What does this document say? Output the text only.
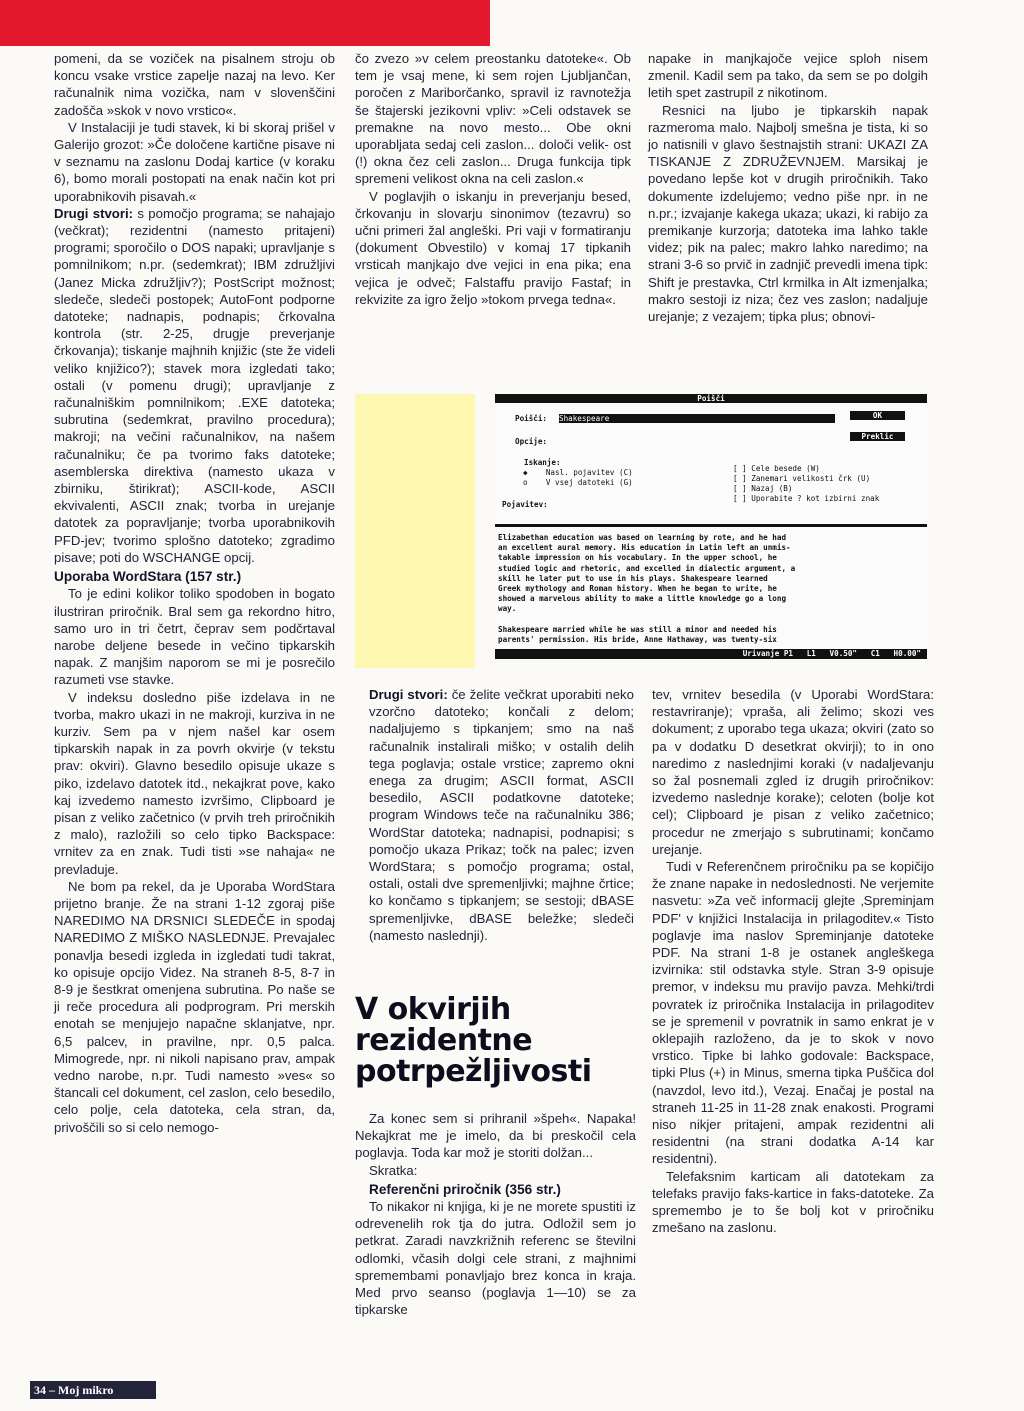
pomeni, da se voziček na pisalnem stroju ob koncu vsake vrstice zapelje nazaj na levo. Ker računalnik nima vozička, nam v slovenščini zadošča »skok v novo vrstico«.

V Instalaciji je tudi stavek, ki bi skoraj prišel v Galerijo grozot: »Če določene kartične pisave ni v seznamu na zaslonu Dodaj kartice (v koraku 6), bomo morali postopati na enak način kot pri uporabnikovih pisavah.«

Drugi stvori: s pomočjo programa; se nahajajo (večkrat); rezidentni (namesto pritajeni) programi; sporočilo o DOS napaki; upravljanje s pomnilnikom; n.pr. (sedemkrat); IBM združljivi (Janez Micka združljiv?); PostScript možnost; sledeče, sledeči postopek; AutoFont podpornе datoteke; nadnapis, podnapis; črkovalna kontrola (str. 2-25, drugje preverjanje črkovanja); tiskanje majhnih knjižic (ste že videli veliko knjižico?); stavek mora izgledati tako; ostali (v pomenu drugi); upravljanje z računalniškim pomnilnikom; .EXE datoteka; subrutina (sedemkrat, pravilno procedura); makroji; na večini računalnikov, na našem računalniku; če pa tvorimo faks datoteke; asemblerska direktiva (namesto ukaza v zbirniku, štirikrat); ASCII-kode, ASCII ekvivalenti, ASCII znak; tvorba in urejanje datotek za popravljanje; tvorba uporabnikovih PFD-jev; tvorimo splošno datoteko; zgradimo pisave; poti do WSCHANGE opcij.

Uporaba WordStara (157 str.)

To je edini kolikor toliko spodoben in bogato ilustriran priročnik. Bral sem ga rekordno hitro, samo uro in tri četrt, čeprav sem podčrtaval narobe deljene besede in večino tipkarskih napak. Z manjšim naporom se mi je posrečilo razumeti vse stavke.

V indeksu dosledno piše izdelava in ne tvorba, makro ukazi in ne makroji, kurziva in ne kurziv. Sem pa v njem našel kar osem tipkarskih napak in za povrh okvirje (v tekstu prav: okviri). Glavno besedilo opisuje ukaze s piko, izdelavo datotek itd., nekajkrat pove, kako kaj izvedemo namesto izvršimo, Clipboard je pisan z veliko začetnico (v prvih treh priročnikih z malo), razložili so celo tipko Backspace: vrnitev za en znak. Tudi tisti »se nahaja« ne prevladuje.

Ne bom pa rekel, da je Uporaba WordStara prijetno branje. Že na strani 1-12 zgoraj piše NAREDIMO NA DRSNICI SLEDEČE in spodaj NAREDIMO Z MIŠKO NASLEDNJE. Prevajalec ponavlja besedi izgleda in izgledati tudi takrat, ko opisuje opcijo Videz. Na straneh 8-5, 8-7 in 8-9 je šestkrat omenjena subrutina. Po naše se ji reče procedura ali podprogram. Pri merskih enotah se menjujejo napačne sklanjatve, npr. 6,5 palcev, in pravilne, npr. 0,5 palca. Mimogrede, npr. ni nikoli napisano prav, ampak vedno narobe, n.pr. Tudi namesto »ves« so štancali cel dokument, cel zaslon, celo besedilo, celo polje, cela datoteka, cela stran, da, privoščili so si celo nemogo-

čo zvezo »v celem preostanku datoteke«. Ob tem je vsaj mene, ki sem rojen Ljubljančan, poročen z Mariborčanko, spravil iz ravnotežja še štajerski jezikovni vpliv: »Celi odstavek se premakne na novo mesto... Obe okni uporabljata sedaj celi zaslon... določi velik- ost (!) okna čez celi zaslon... Druga funkcija tipk spremeni velikost okna na celi zaslon.«

V poglavjih o iskanju in preverjanju besed, črkovanju in slovarju sinonimov (tezavru) so učni primeri žal angleški. Pri vaji v formatiranju (dokument Obvestilo) v komaj 17 tipkanih vrsticah manjkajo dve vejici in ena pika; ena vejica je odveč; Falstaffu pravijo Fastaf; in rekvizite za igro željo »tokom prvega tedna«.

napake in manjkajoče vejice sploh nisem zmenil. Kadil sem pa tako, da sem se po dolgih letih spet zastrupil z nikotinom.

Resnici na ljubo je tipkarskih napak razmeroma malo. Najbolj smešna je tista, ki so jo natisnili v glavo šestnajstih strani: UKAZI ZA TISKANJE Z ZDRUŽEVNJEM. Marsikaj je povedano lepše kot v drugih priročnikih. Tako dokumente izdelujemo; vedno piše npr. in ne n.pr.; izvajanje kakega ukaza; ukazi, ki rabijo za premikanje kurzorja; datoteka ima lahko takle videz; pik na palec; makro lahko naredimo; na strani 3-6 so prvič in zadnjič prevedli imena tipk: Shift je prestavka, Ctrl krmilka in Alt izmenjalka; makro sestoji iz niza; čez ves zaslon; nadaljuje urejanje; z vezajem; tipka plus; obnovi-

Poišči
Poišči: Shakespeare
Opcije:
OK
Preklic
Iskanje:
◆    Nasl. pojavitev (C)
o    V vsej datoteki (G)
Pojavitev:
[ ] Cele besede (W)
[ ] Zanemari velikosti črk (U)
[ ] Nazaj (B)
[ ] Uporabite ? kot izbirni znak
Elizabethan education was based on learning by rote, and he had
an excellent aural memory. His education in Latin left an unmis-
takable impression on his vocabulary. In the upper school, he
studied logic and rhetoric, and excelled in dialectic argument, a
skill he later put to use in his plays. Shakespeare learned
Greek mythology and Roman history. When he began to write, he
showed a marvelous ability to make a little knowledge go a long
way.
Shakespeare married while he was still a minor and needed his
parents' permission. His bride, Anne Hathaway, was twenty-six
Urivanje P1   L1   V0.50"   C1   H0.00"

Drugi stvori: če želite večkrat uporabiti neko vzorčno datoteko; končali z delom; nadaljujemo s tipkanjem; smo na naš računalnik instalirali miško; v ostalih delih tega poglavja; ostale vrstice; zapremo okni enega za drugim; ASCII format, ASCII besedilo, ASCII podatkovne datoteke; program Windows teče na računalniku 386; WordStar datoteka; nadnapisi, podnapisi; s pomočjo ukaza Prikaz; točk na palec; izven WordStara; s pomočjo programa; ostal, ostali, ostali dve spremenljivki; majhne črtice; ko končamo s tipkanjem; se sestoji; dBASE spremenljivke, dBASE beležke; sledeči (namesto naslednji).

V okvirjih rezidentne potrpežljivosti

Za konec sem si prihranil »špeh«. Napaka! Nekajkrat me je imelo, da bi preskočil cela poglavja. Toda kar mož je storiti dolžan...

Skratka:

Referenčni priročnik (356 str.)

To nikakor ni knjiga, ki je ne morete spustiti iz odrevenelih rok tja do jutra. Odložil sem jo petkrat. Zaradi navzkrižnih referenc se številni odlomki, včasih dolgi cele strani, z majhnimi spremembami ponavljajo brez konca in kraja. Med prvo seanso (poglavja 1—10) se za tipkarske

tev, vrnitev besedila (v Uporabi WordStara: restavriranje); vpraša, ali želimo; skozi ves dokument; z uporabo tega ukaza; okviri (zato so pa v dodatku D desetkrat okvirji); to in ono naredimo z naslednjimi koraki (v nadaljevanju so žal posnemali zgled iz drugih priročnikov: izvedemo naslednje korake); celoten (bolje kot cel); Clipboard je pisan z veliko začetnico; procedur ne zmerjajo s subrutinami; končamo urejanje.

Tudi v Referenčnem priročniku pa se kopičijo že znane napake in nedoslednosti. Ne verjemite nasvetu: »Za več informacij glejte ‚Spreminjam PDF' v knjižici Instalacija in prilagoditev.« Tisto poglavje ima naslov Spreminjanje datoteke PDF. Na strani 1-8 je ostanek angleškega izvirnika: stil odstavka style. Stran 3-9 opisuje premor, v indeksu mu pravijo pavza. Mehki/trdi povratek iz priročnika Instalacija in prilagoditev se je spremenil v povratnik in samo enkrat je v oklepajih razloženo, da je to skok v novo vrstico. Tipke bi lahko godovale: Backspace, tipki Plus (+) in Minus, smerna tipka Puščica dol (navzdol, levo itd.), Vezaj. Enačaj je postal na straneh 11-25 in 11-28 znak enakosti. Programi niso nikjer pritajeni, ampak rezidentni ali residentni (na strani dodatka A-14 kar residentni).

Telefaksnim karticam ali datotekam za telefaks pravijo faks-kartice in faks-datoteke. Za spremembo je to še bolj kot v priročniku zmešano na zaslonu.

34 – Moj mikro
